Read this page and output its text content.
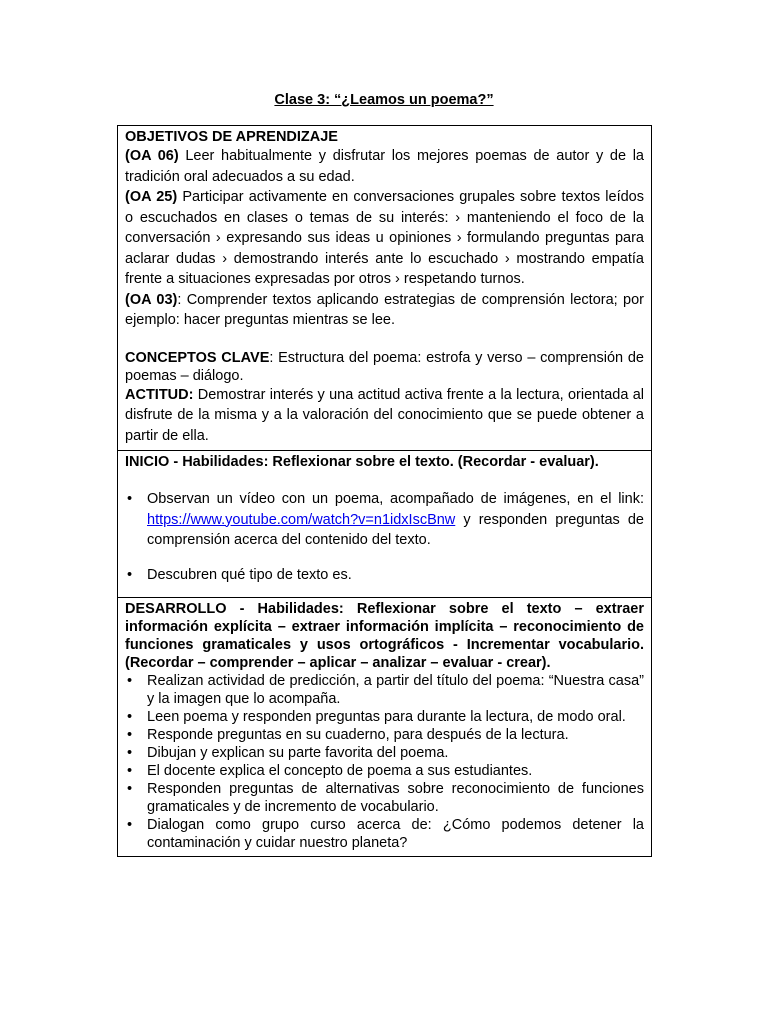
Clase 3: “¿Leamos un poema?”

OBJETIVOS DE APRENDIZAJE

(OA 06) Leer habitualmente y disfrutar los mejores poemas de autor y de la tradición oral adecuados a su edad.

(OA 25) Participar activamente en conversaciones grupales sobre textos leídos o escuchados en clases o temas de su interés: › manteniendo el foco de la conversación › expresando sus ideas u opiniones › formulando preguntas para aclarar dudas › demostrando interés ante lo escuchado › mostrando empatía frente a situaciones expresadas por otros › respetando turnos.

(OA 03): Comprender textos aplicando estrategias de comprensión lectora; por ejemplo: hacer preguntas mientras se lee.

CONCEPTOS CLAVE: Estructura del poema: estrofa y verso – comprensión de poemas – diálogo.

ACTITUD: Demostrar interés y una actitud activa frente a la lectura, orientada al disfrute de la misma y a la valoración del conocimiento que se puede obtener a partir de ella.

INICIO - Habilidades: Reflexionar sobre el texto. (Recordar - evaluar).

• Observan un vídeo con un poema, acompañado de imágenes, en el link: https://www.youtube.com/watch?v=n1idxIscBnw y responden preguntas de comprensión acerca del contenido del texto.
• Descubren qué tipo de texto es.

DESARROLLO - Habilidades: Reflexionar sobre el texto – extraer información explícita – extraer información implícita – reconocimiento de funciones gramaticales y usos ortográficos - Incrementar vocabulario. (Recordar – comprender – aplicar – analizar – evaluar - crear).

• Realizan actividad de predicción, a partir del título del poema: “Nuestra casa” y la imagen que lo acompaña.
• Leen poema y responden preguntas para durante la lectura, de modo oral.
• Responde preguntas en su cuaderno, para después de la lectura.
• Dibujan y explican su parte favorita del poema.
• El docente explica el concepto de poema a sus estudiantes.
• Responden preguntas de alternativas sobre reconocimiento de funciones gramaticales y de incremento de vocabulario.
• Dialogan como grupo curso acerca de: ¿Cómo podemos detener la contaminación y cuidar nuestro planeta?
